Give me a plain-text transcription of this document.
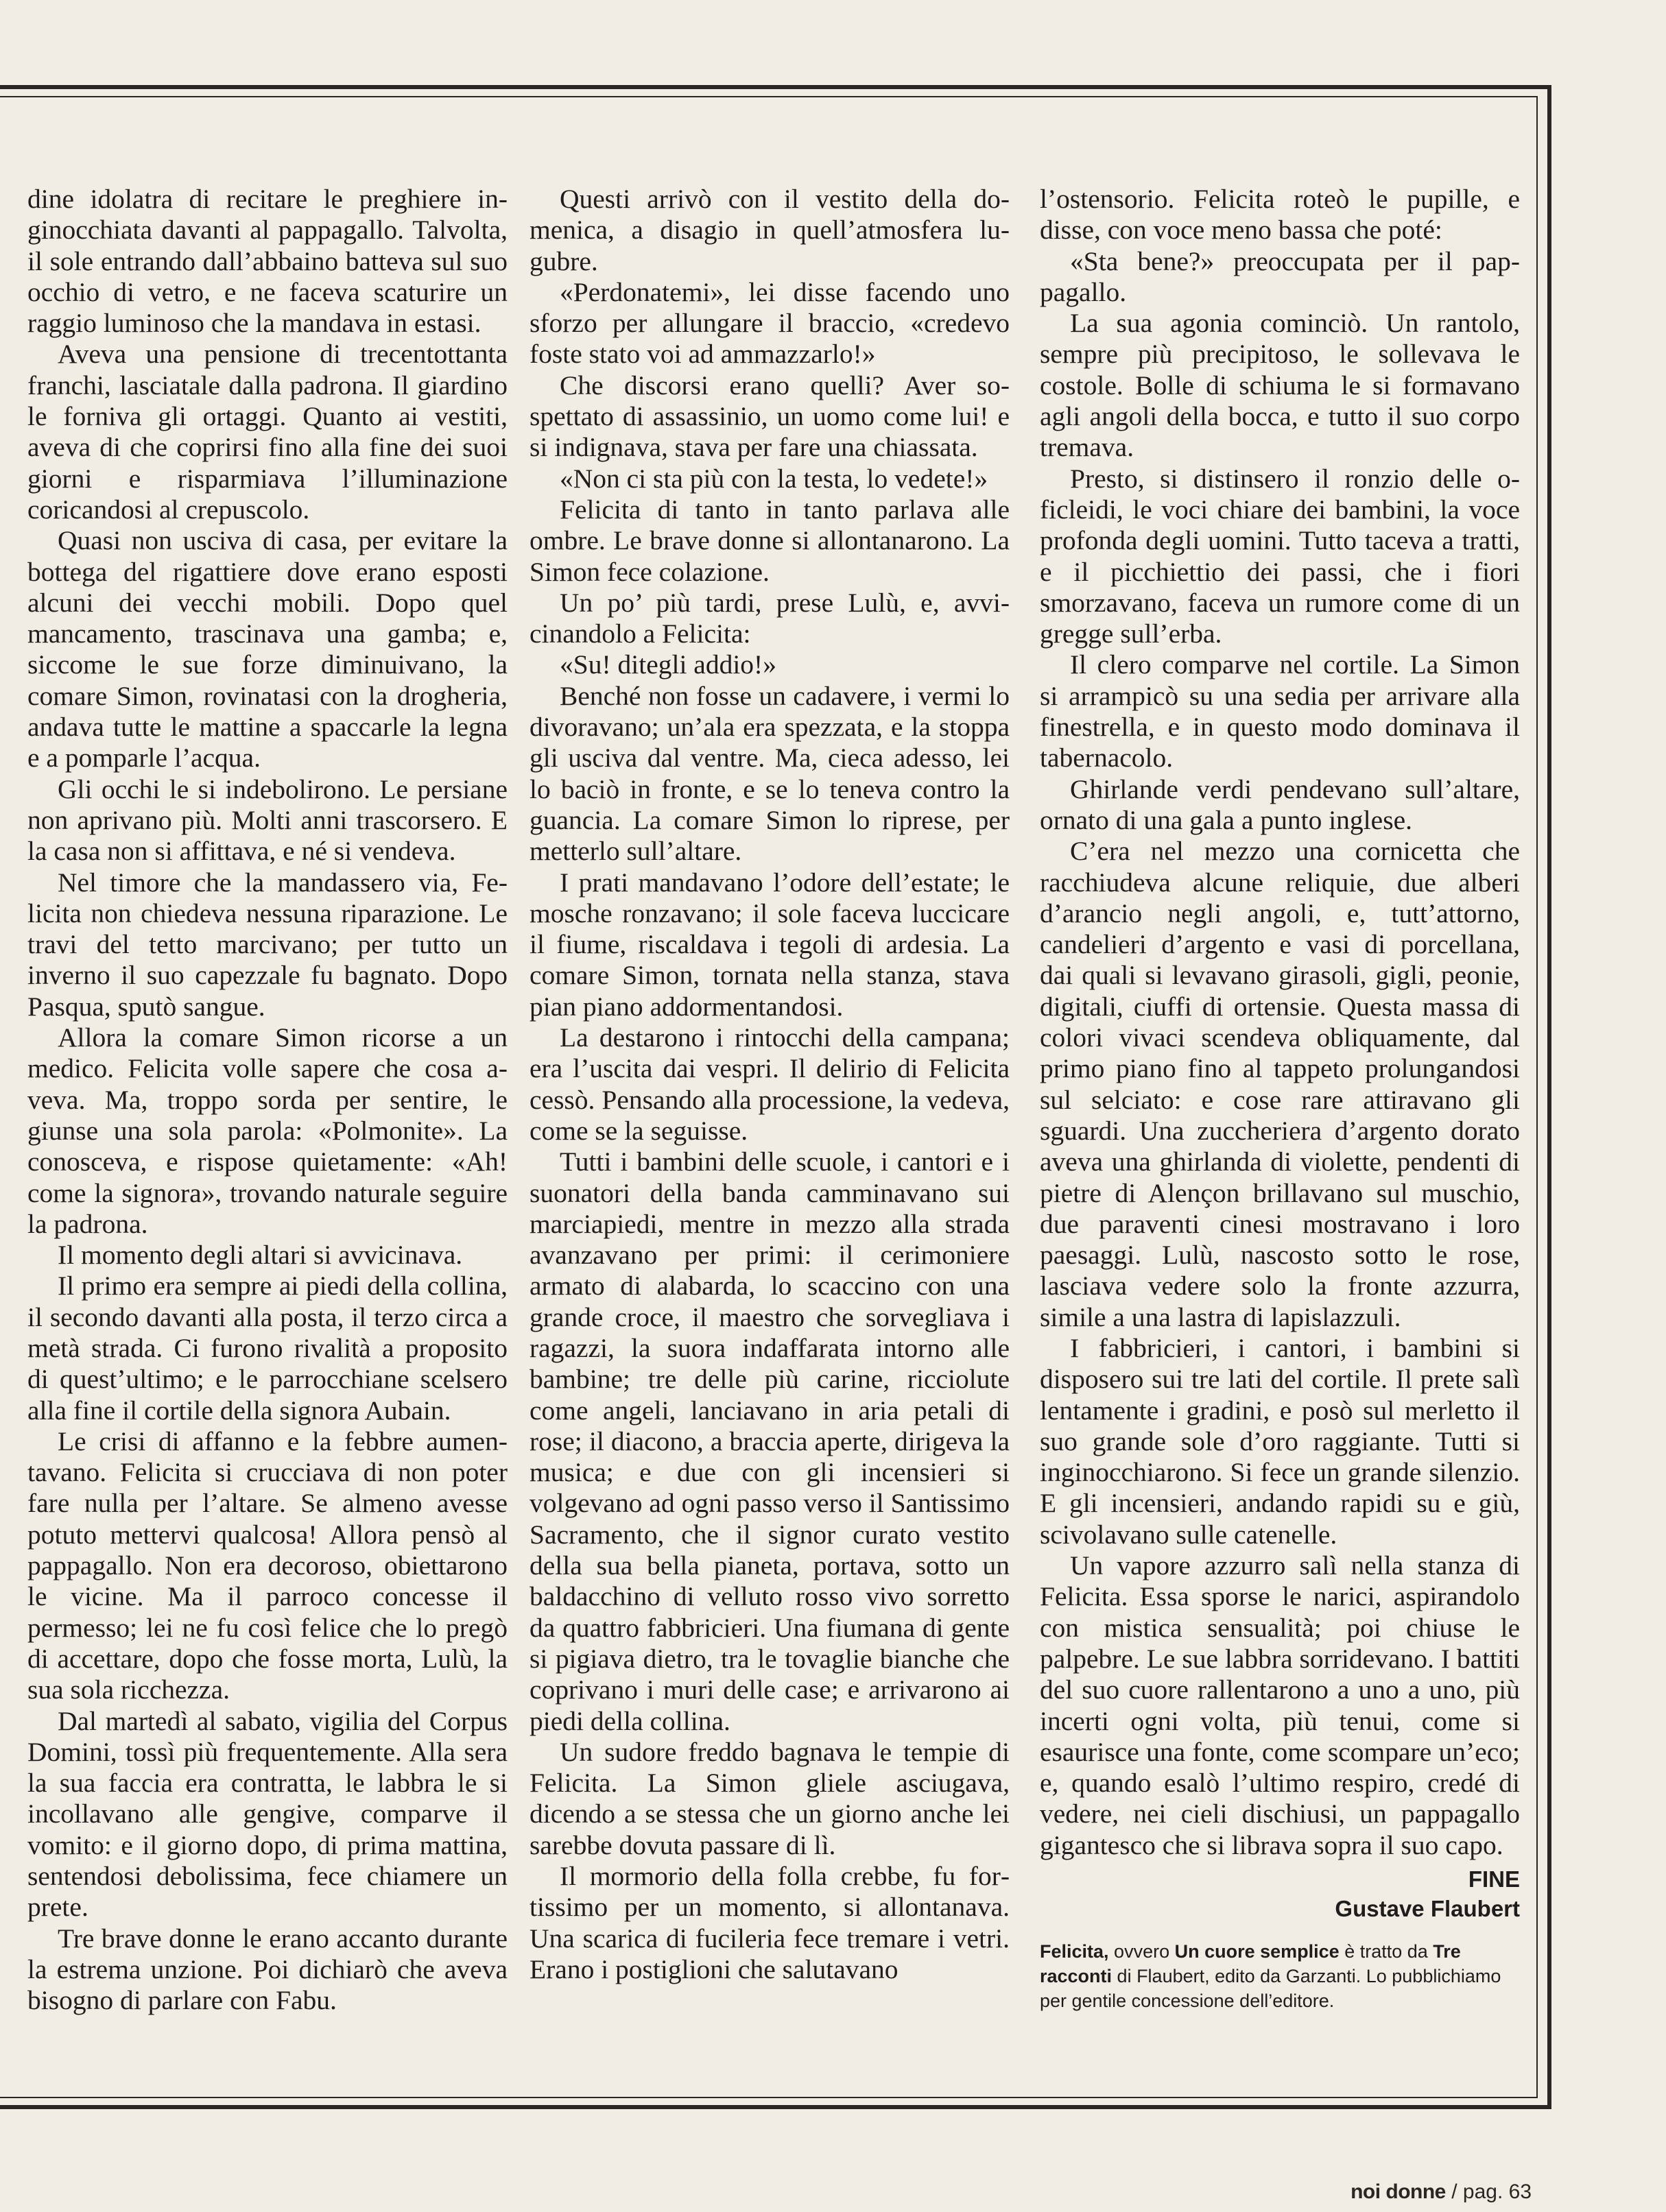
dine idolatra di recitare le preghiere inginocchiata davanti al pappagallo. Talvolta, il sole entrando dall’abbaino batteva sul suo occhio di vetro, e ne faceva scaturire un raggio luminoso che la mandava in estasi.

Aveva una pensione di trecentottanta franchi, lasciatale dalla padrona. Il giardino le forniva gli ortaggi. Quanto ai vestiti, aveva di che coprirsi fino alla fine dei suoi giorni e risparmiava l’illuminazione coricandosi al crepuscolo.

Quasi non usciva di casa, per evitare la bottega del rigattiere dove erano esposti alcuni dei vecchi mobili. Dopo quel mancamento, trascinava una gamba; e, siccome le sue forze diminuivano, la comare Simon, rovinatasi con la drogheria, andava tutte le mattine a spaccarle la legna e a pomparle l’acqua.

Gli occhi le si indebolirono. Le persiane non aprivano più. Molti anni trascorsero. E la casa non si affittava, e né si vendeva.

Nel timore che la mandassero via, Felicita non chiedeva nessuna riparazione. Le travi del tetto marcivano; per tutto un inverno il suo capezzale fu bagnato. Dopo Pasqua, sputò sangue.

Allora la comare Simon ricorse a un medico. Felicita volle sapere che cosa aveva. Ma, troppo sorda per sentire, le giunse una sola parola: «Polmonite». La conosceva, e rispose quietamente: «Ah! come la signora», trovando naturale seguire la padrona.

Il momento degli altari si avvicinava.

Il primo era sempre ai piedi della collina, il secondo davanti alla posta, il terzo circa a metà strada. Ci furono rivalità a proposito di quest’ultimo; e le parrocchiane scelsero alla fine il cortile della signora Aubain.

Le crisi di affanno e la febbre aumentavano. Felicita si crucciava di non poter fare nulla per l’altare. Se almeno avesse potuto mettervi qualcosa! Allora pensò al pappagallo. Non era decoroso, obiettarono le vicine. Ma il parroco concesse il permesso; lei ne fu così felice che lo pregò di accettare, dopo che fosse morta, Lulù, la sua sola ricchezza.

Dal martedì al sabato, vigilia del Corpus Domini, tossì più frequentemente. Alla sera la sua faccia era contratta, le labbra le si incollavano alle gengive, comparve il vomito: e il giorno dopo, di prima mattina, sentendosi debolissima, fece chiamere un prete.

Tre brave donne le erano accanto durante la estrema unzione. Poi dichiarò che aveva bisogno di parlare con Fabu.

Questi arrivò con il vestito della domenica, a disagio in quell’atmosfera lugubre.

«Perdonatemi», lei disse facendo uno sforzo per allungare il braccio, «credevo foste stato voi ad ammazzarlo!»

Che discorsi erano quelli? Aver sospettato di assassinio, un uomo come lui! e si indignava, stava per fare una chiassata.

«Non ci sta più con la testa, lo vedete!»

Felicita di tanto in tanto parlava alle ombre. Le brave donne si allontanarono. La Simon fece colazione.

Un po’ più tardi, prese Lulù, e, avvicinandolo a Felicita:

«Su! ditegli addio!»

Benché non fosse un cadavere, i vermi lo divoravano; un’ala era spezzata, e la stoppa gli usciva dal ventre. Ma, cieca adesso, lei lo baciò in fronte, e se lo teneva contro la guancia. La comare Simon lo riprese, per metterlo sull’altare.

I prati mandavano l’odore dell’estate; le mosche ronzavano; il sole faceva luccicare il fiume, riscaldava i tegoli di ardesia. La comare Simon, tornata nella stanza, stava pian piano addormentandosi.

La destarono i rintocchi della campana; era l’uscita dai vespri. Il delirio di Felicita cessò. Pensando alla processione, la vedeva, come se la seguisse.

Tutti i bambini delle scuole, i cantori e i suonatori della banda camminavano sui marciapiedi, mentre in mezzo alla strada avanzavano per primi: il cerimoniere armato di alabarda, lo scaccino con una grande croce, il maestro che sorvegliava i ragazzi, la suora indaffarata intorno alle bambine; tre delle più carine, ricciolute come angeli, lanciavano in aria petali di rose; il diacono, a braccia aperte, dirigeva la musica; e due con gli incensieri si volgevano ad ogni passo verso il Santissimo Sacramento, che il signor curato vestito della sua bella pianeta, portava, sotto un baldacchino di velluto rosso vivo sorretto da quattro fabbricieri. Una fiumana di gente si pigiava dietro, tra le tovaglie bianche che coprivano i muri delle case; e arrivarono ai piedi della collina.

Un sudore freddo bagnava le tempie di Felicita. La Simon gliele asciugava, dicendo a se stessa che un giorno anche lei sarebbe dovuta passare di lì.

Il mormorio della folla crebbe, fu fortissimo per un momento, si allontanava. Una scarica di fucileria fece tremare i vetri. Erano i postiglioni che salutavano

l’ostensorio. Felicita roteò le pupille, e disse, con voce meno bassa che poté:

«Sta bene?» preoccupata per il pappagallo.

La sua agonia cominciò. Un rantolo, sempre più precipitoso, le sollevava le costole. Bolle di schiuma le si formavano agli angoli della bocca, e tutto il suo corpo tremava.

Presto, si distinsero il ronzio delle oficleidi, le voci chiare dei bambini, la voce profonda degli uomini. Tutto taceva a tratti, e il picchiettio dei passi, che i fiori smorzavano, faceva un rumore come di un gregge sull’erba.

Il clero comparve nel cortile. La Simon si arrampicò su una sedia per arrivare alla finestrella, e in questo modo dominava il tabernacolo.

Ghirlande verdi pendevano sull’altare, ornato di una gala a punto inglese.

C’era nel mezzo una cornicetta che racchiudeva alcune reliquie, due alberi d’arancio negli angoli, e, tutt’attorno, candelieri d’argento e vasi di porcellana, dai quali si levavano girasoli, gigli, peonie, digitali, ciuffi di ortensie. Questa massa di colori vivaci scendeva obliquamente, dal primo piano fino al tappeto prolungandosi sul selciato: e cose rare attiravano gli sguardi. Una zuccheriera d’argento dorato aveva una ghirlanda di violette, pendenti di pietre di Alençon brillavano sul muschio, due paraventi cinesi mostravano i loro paesaggi. Lulù, nascosto sotto le rose, lasciava vedere solo la fronte azzurra, simile a una lastra di lapislazzuli.

I fabbricieri, i cantori, i bambini si disposero sui tre lati del cortile. Il prete salì lentamente i gradini, e posò sul merletto il suo grande sole d’oro raggiante. Tutti si inginocchiarono. Si fece un grande silenzio. E gli incensieri, andando rapidi su e giù, scivolavano sulle catenelle.

Un vapore azzurro salì nella stanza di Felicita. Essa sporse le narici, aspirandolo con mistica sensualità; poi chiuse le palpebre. Le sue labbra sorridevano. I battiti del suo cuore rallentarono a uno a uno, più incerti ogni volta, più tenui, come si esaurisce una fonte, come scompare un’eco; e, quando esalò l’ultimo respiro, credé di vedere, nei cieli dischiusi, un pappagallo gigantesco che si librava sopra il suo capo.

FINE
Gustave Flaubert
Felicita, ovvero Un cuore semplice è tratto da Tre racconti di Flaubert, edito da Garzanti. Lo pubblichiamo per gentile concessione dell’editore.
noi donne / pag. 63
